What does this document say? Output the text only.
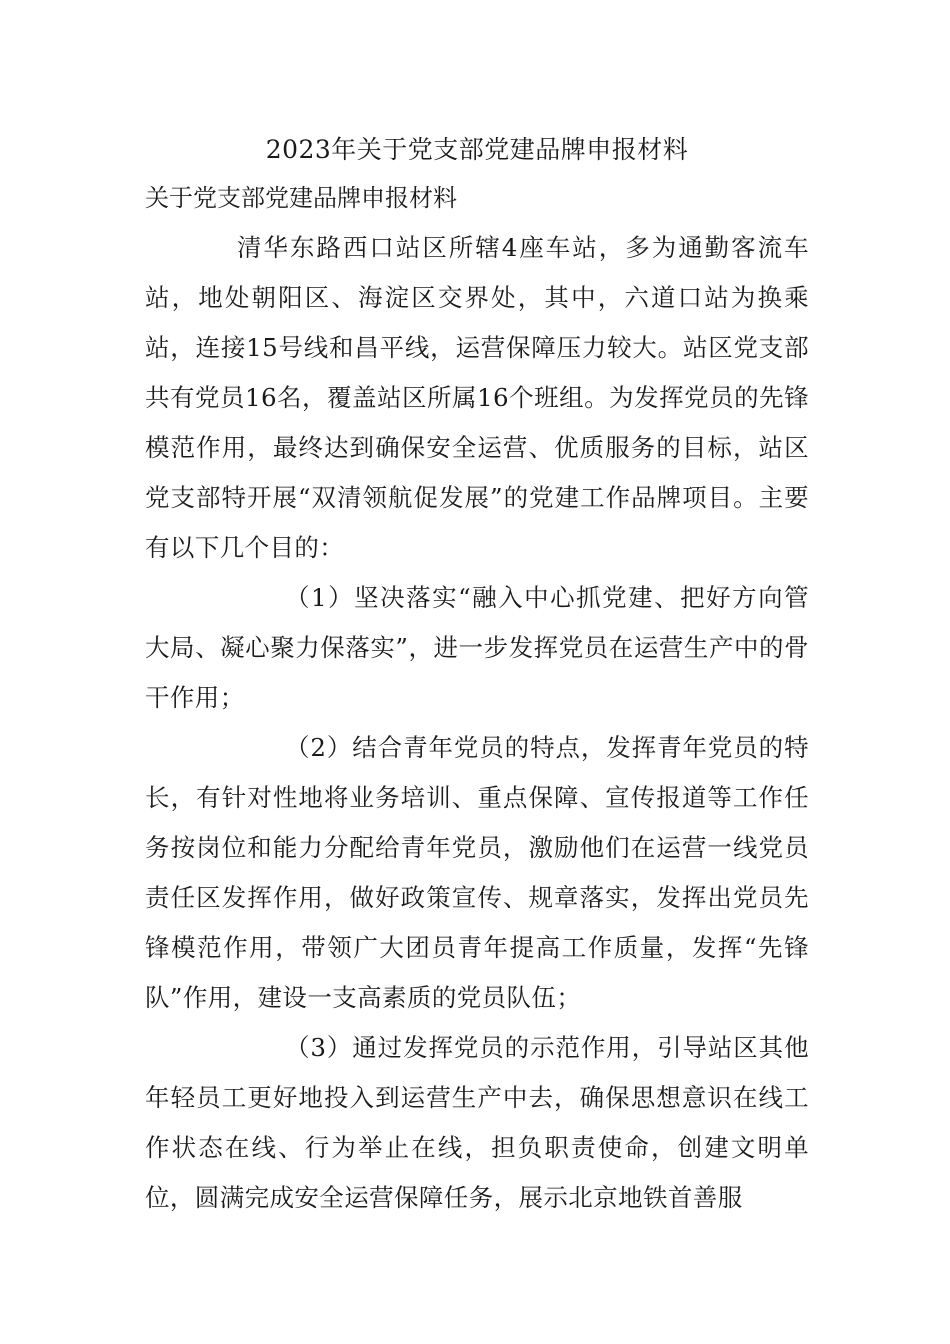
2023年关于党支部党建品牌申报材料

关于党支部党建品牌申报材料

清华东路西口站区所辖4座车站，多为通勤客流车站，地处朝阳区、海淀区交界处，其中，六道口站为换乘站，连接15号线和昌平线，运营保障压力较大。站区党支部共有党员16名，覆盖站区所属16个班组。为发挥党员的先锋模范作用，最终达到确保安全运营、优质服务的目标，站区党支部特开展“双清领航促发展”的党建工作品牌项目。主要有以下几个目的：

（1）坚决落实“融入中心抓党建、把好方向管大局、凝心聚力保落实”，进一步发挥党员在运营生产中的骨干作用；

（2）结合青年党员的特点，发挥青年党员的特长，有针对性地将业务培训、重点保障、宣传报道等工作任务按岗位和能力分配给青年党员，激励他们在运营一线党员责任区发挥作用，做好政策宣传、规章落实，发挥出党员先锋模范作用，带领广大团员青年提高工作质量，发挥“先锋队”作用，建设一支高素质的党员队伍；

（3）通过发挥党员的示范作用，引导站区其他年轻员工更好地投入到运营生产中去，确保思想意识在线工作状态在线、行为举止在线，担负职责使命，创建文明单位，圆满完成安全运营保障任务，展示北京地铁首善服
